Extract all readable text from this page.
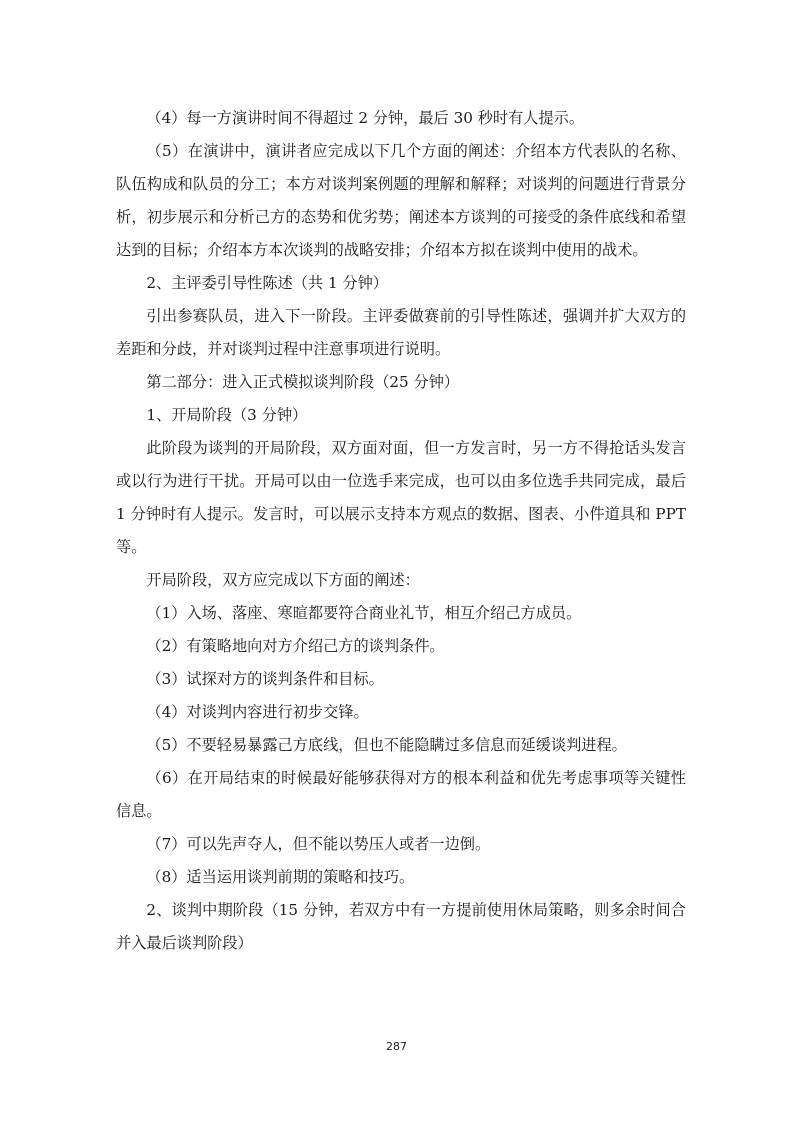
（4）每一方演讲时间不得超过 2 分钟，最后 30 秒时有人提示。

（5）在演讲中，演讲者应完成以下几个方面的阐述：介绍本方代表队的名称、队伍构成和队员的分工；本方对谈判案例题的理解和解释；对谈判的问题进行背景分析，初步展示和分析己方的态势和优劣势；阐述本方谈判的可接受的条件底线和希望达到的目标；介绍本方本次谈判的战略安排；介绍本方拟在谈判中使用的战术。

2、主评委引导性陈述（共 1 分钟）

引出参赛队员，进入下一阶段。主评委做赛前的引导性陈述，强调并扩大双方的差距和分歧，并对谈判过程中注意事项进行说明。

第二部分：进入正式模拟谈判阶段（25 分钟）

1、开局阶段（3 分钟）

此阶段为谈判的开局阶段，双方面对面，但一方发言时，另一方不得抢话头发言或以行为进行干扰。开局可以由一位选手来完成，也可以由多位选手共同完成，最后 1 分钟时有人提示。发言时，可以展示支持本方观点的数据、图表、小件道具和 PPT 等。

开局阶段，双方应完成以下方面的阐述：

（1）入场、落座、寒暄都要符合商业礼节，相互介绍己方成员。

（2）有策略地向对方介绍己方的谈判条件。

（3）试探对方的谈判条件和目标。

（4）对谈判内容进行初步交锋。

（5）不要轻易暴露己方底线，但也不能隐瞒过多信息而延缓谈判进程。

（6）在开局结束的时候最好能够获得对方的根本利益和优先考虑事项等关键性信息。

（7）可以先声夺人，但不能以势压人或者一边倒。

（8）适当运用谈判前期的策略和技巧。

2、谈判中期阶段（15 分钟，若双方中有一方提前使用休局策略，则多余时间合并入最后谈判阶段）

287
